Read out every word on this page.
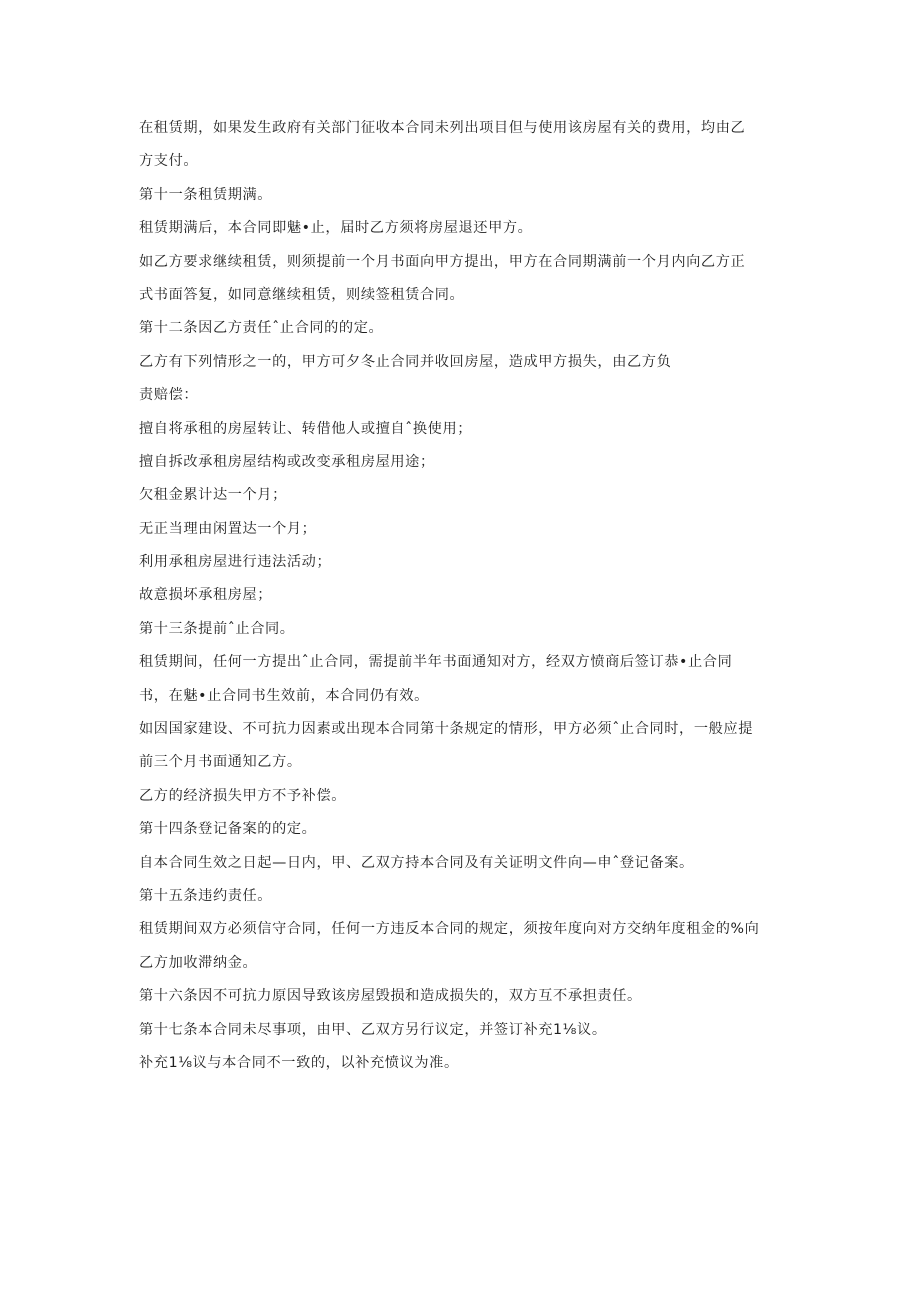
在租赁期，如果发生政府有关部门征收本合同未列出项目但与使用该房屋有关的费用，均由乙
方支付。
第十一条租赁期满。
租赁期满后，本合同即魅•止，届时乙方须将房屋退还甲方。
如乙方要求继续租赁，则须提前一个月书面向甲方提出，甲方在合同期满前一个月内向乙方正
式书面答复，如同意继续租赁，则续签租赁合同。
第十二条因乙方责任ˆ止合同的的定。
乙方有下列情形之一的，甲方可夕冬止合同并收回房屋，造成甲方损失，由乙方负
责赔偿：
擅自将承租的房屋转让、转借他人或擅自ˆ换使用；
擅自拆改承租房屋结构或改变承租房屋用途；
欠租金累计达一个月；
无正当理由闲置达一个月；
利用承租房屋进行违法活动；
故意损坏承租房屋；
第十三条提前ˆ止合同。
租赁期间，任何一方提出ˆ止合同，需提前半年书面通知对方，经双方愤商后签订恭•止合同
书，在魅•止合同书生效前，本合同仍有效。
如因国家建设、不可抗力因素或出现本合同第十条规定的情形，甲方必须ˆ止合同时，一般应提
前三个月书面通知乙方。
乙方的经济损失甲方不予补偿。
第十四条登记备案的的定。
自本合同生效之日起—日内，甲、乙双方持本合同及有关证明文件向—申ˆ登记备案。
第十五条违约责任。
租赁期间双方必须信守合同，任何一方违反本合同的规定，须按年度向对方交纳年度租金的%向
乙方加收滞纳金。
第十六条因不可抗力原因导致该房屋毁损和造成损失的，双方互不承担责任。
第十七条本合同未尽事项，由甲、乙双方另行议定，并签订补充1⅛议。
补充1⅛议与本合同不一致的，以补充愤议为准。
